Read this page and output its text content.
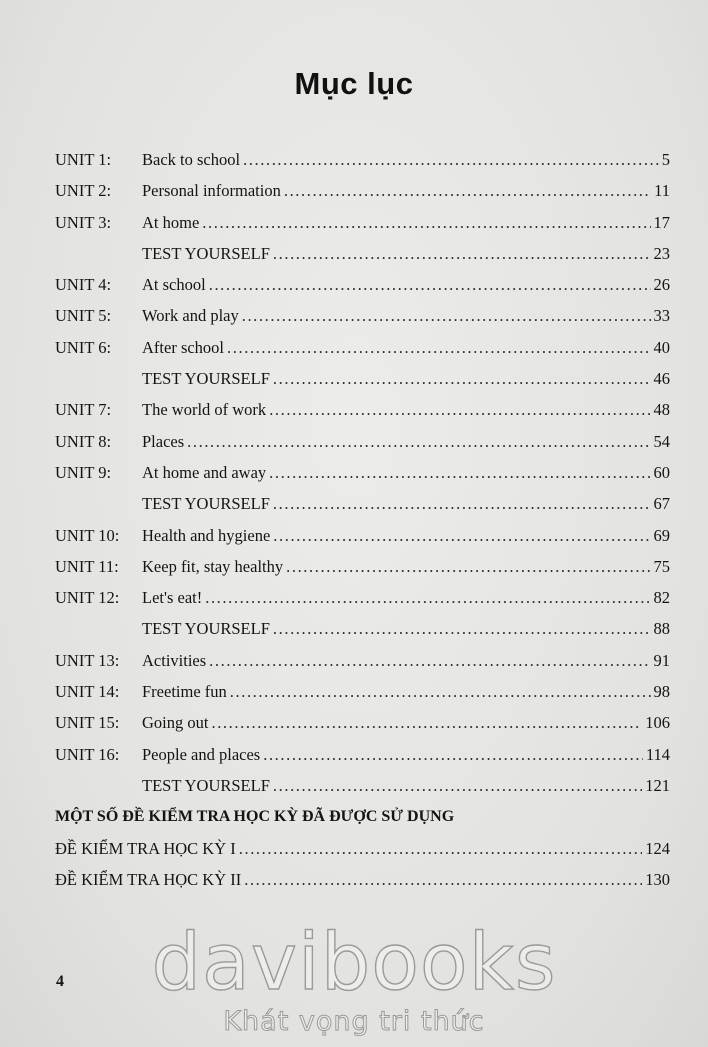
Mục lục
UNIT 1:	Back to school .....	5
UNIT 2:	Personal information .....	11
UNIT 3:	At home .....	17
TEST YOURSELF .....	23
UNIT 4:	At school .....	26
UNIT 5:	Work and play .....	33
UNIT 6:	After school .....	40
TEST YOURSELF .....	46
UNIT 7:	The world of work .....	48
UNIT 8:	Places .....	54
UNIT 9:	At home and away .....	60
TEST YOURSELF .....	67
UNIT 10:	Health and hygiene .....	69
UNIT 11:	Keep fit, stay healthy .....	75
UNIT 12:	Let's eat! .....	82
TEST YOURSELF .....	88
UNIT 13:	Activities .....	91
UNIT 14:	Freetime fun .....	98
UNIT 15:	Going out .....	106
UNIT 16:	People and places .....	114
TEST YOURSELF .....	121
MỘT SỐ ĐỀ KIỂM TRA HỌC KỲ ĐÃ ĐƯỢC SỬ DỤNG
ĐỀ KIỂM TRA HỌC KỲ I .....	124
ĐỀ KIỂM TRA HỌC KỲ II .....	130
4	davibooks
Khát vọng tri thức
